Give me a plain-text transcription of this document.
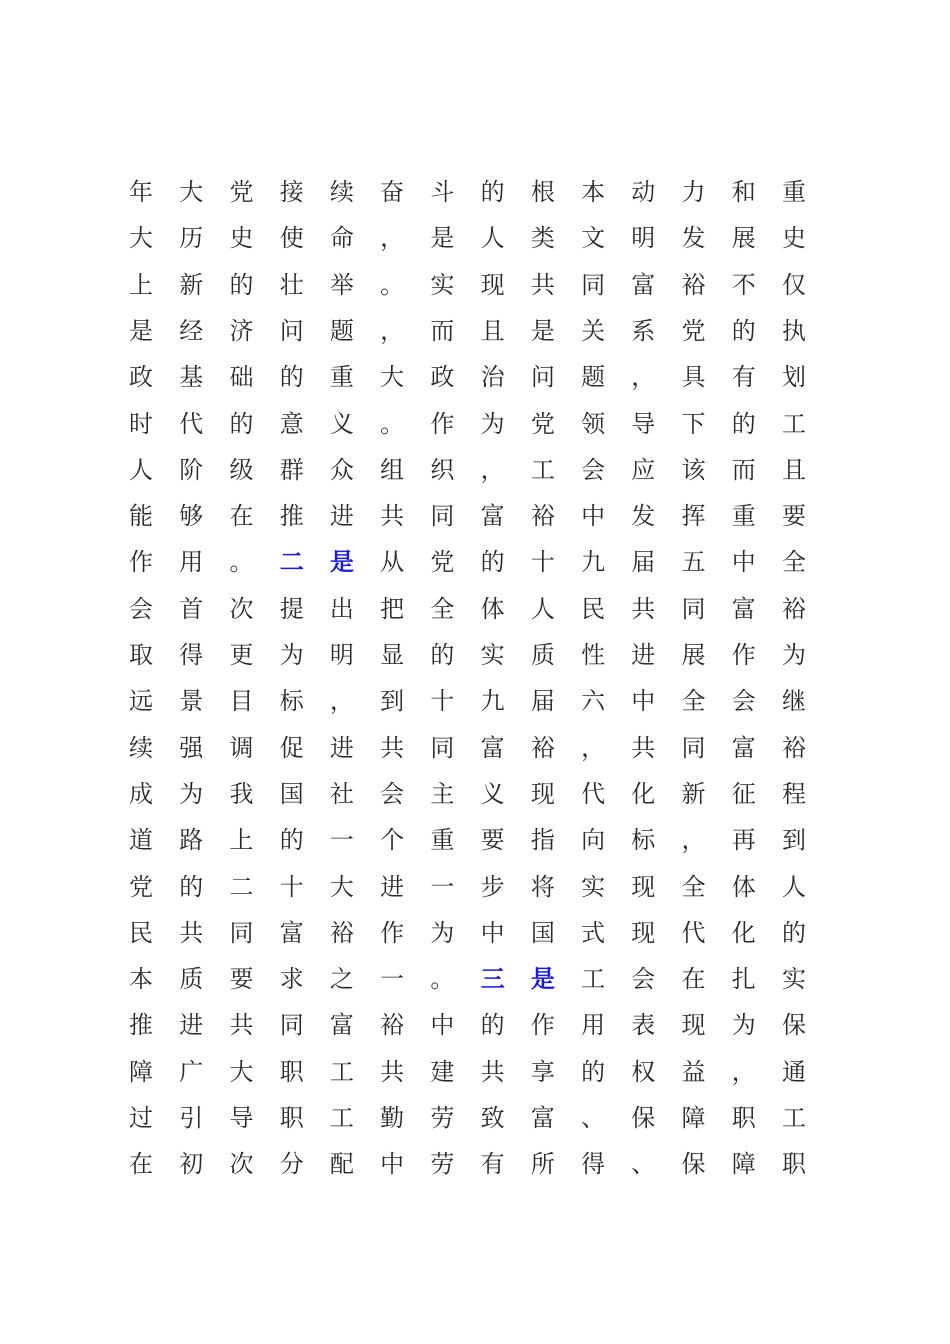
年	大	党	接	续	奋	斗	的	根	本	动	力	和	重
大	历	史	使	命	，	是	人	类	文	明	发	展	史
上	新	的	壮	举	。	实	现	共	同	富	裕	不	仅
是	经	济	问	题	，	而	且	是	关	系	党	的	执
政	基	础	的	重	大	政	治	问	题	，	具	有	划
时	代	的	意	义	。	作	为	党	领	导	下	的	工
人	阶	级	群	众	组	织	，	工	会	应	该	而	且
能	够	在	推	进	共	同	富	裕	中	发	挥	重	要
作	用	。	二	是	从	党	的	十	九	届	五	中	全
会	首	次	提	出	把	全	体	人	民	共	同	富	裕
取	得	更	为	明	显	的	实	质	性	进	展	作	为
远	景	目	标	，	到	十	九	届	六	中	全	会	继
续	强	调	促	进	共	同	富	裕	，	共	同	富	裕
成	为	我	国	社	会	主	义	现	代	化	新	征	程
道	路	上	的	一	个	重	要	指	向	标	，	再	到
党	的	二	十	大	进	一	步	将	实	现	全	体	人
民	共	同	富	裕	作	为	中	国	式	现	代	化	的
本	质	要	求	之	一	。	三	是	工	会	在	扎	实
推	进	共	同	富	裕	中	的	作	用	表	现	为	保
障	广	大	职	工	共	建	共	享	的	权	益	，	通
过	引	导	职	工	勤	劳	致	富	、	保	障	职	工
在	初	次	分	配	中	劳	有	所	得	、	保	障	职
